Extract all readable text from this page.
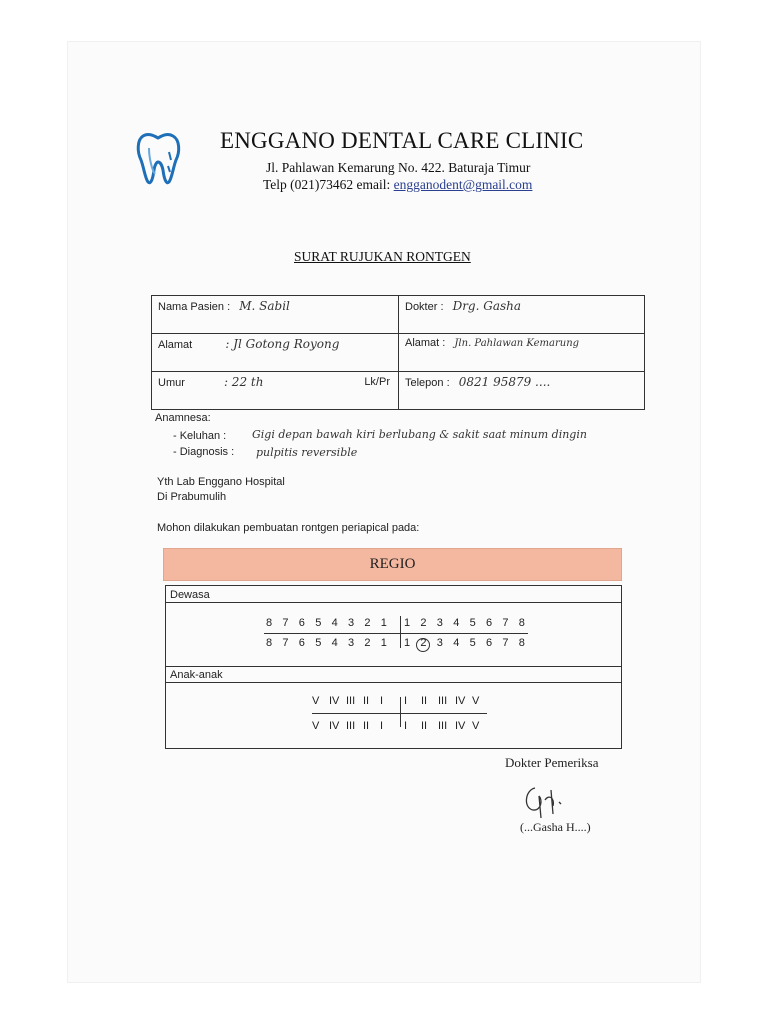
ENGGANO DENTAL CARE CLINIC
Jl. Pahlawan Kemarung No. 422. Baturaja Timur
Telp (021)73462 email: engganodent@gmail.com
SURAT RUJUKAN RONTGEN
Nama Pasien : M. Sabil	Dokter : Drg. Gasha
Alamat : Jl Gotong Royong	Alamat : Jln. Pahlawan Kemarung
Umur : 22 th Lk/Pr	Telepon : 0821 95879 ....
Anamnesa:
- Keluhan : Gigi depan bawah kiri berlubang & sakit saat minum dingin
- Diagnosis : pulpitis reversible
Yth Lab Enggano Hospital
Di Prabumulih
Mohon dilakukan pembuatan rontgen periapical pada:
REGIO
Dewasa
Anak-anak
8 7 6 5 4 3 2 1 1 2 3 4 5 6 7 8
8 7 6 5 4 3 2 1 1 2 3 4 5 6 7 8
V IV III II I I II III IV V
V IV III II I I II III IV V
Dokter Pemeriksa
(...Gasha H....)
